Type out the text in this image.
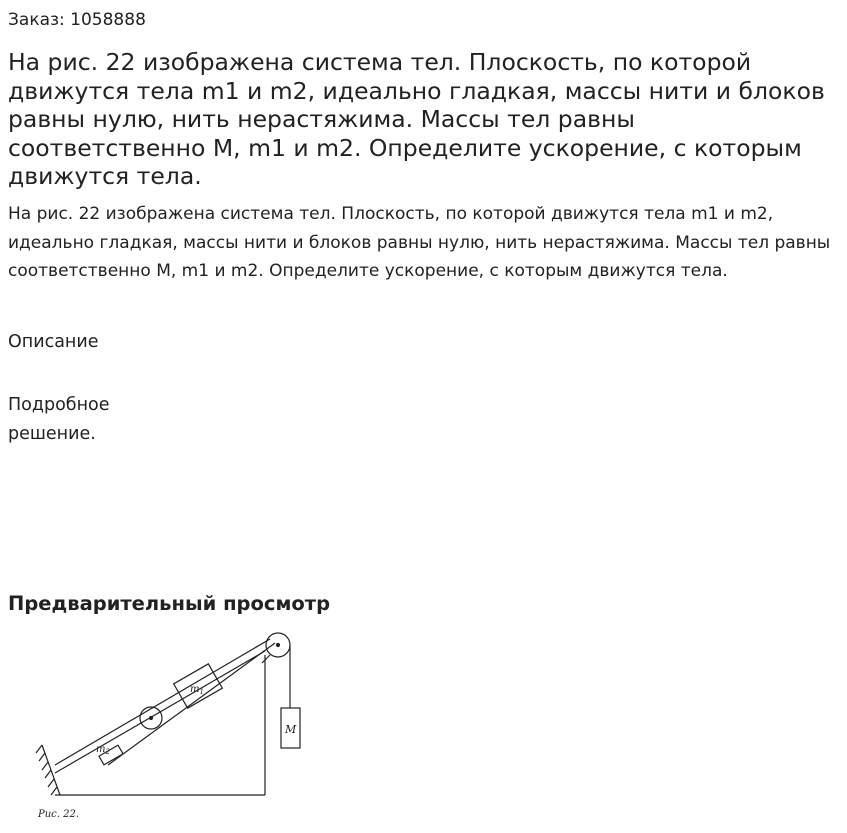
Заказ: 1058888
На рис. 22 изображена система тел. Плоскость, по которой движутся тела m1 и m2, идеально гладкая, массы нити и блоков равны нулю, нить нерастяжима. Массы тел равны соответственно M, m1 и m2. Определите ускорение, с которым движутся тела.

На рис. 22 изображена система тел. Плоскость, по которой движутся тела m1 и m2, идеально гладкая, массы нити и блоков равны нулю, нить нерастяжима. Массы тел равны соответственно M, m1 и m2. Определите ускорение, с которым движутся тела.

Описание
Подробное решение.
Предварительный просмотр
$m_1$
$m_2$
M
Рис. 22.
